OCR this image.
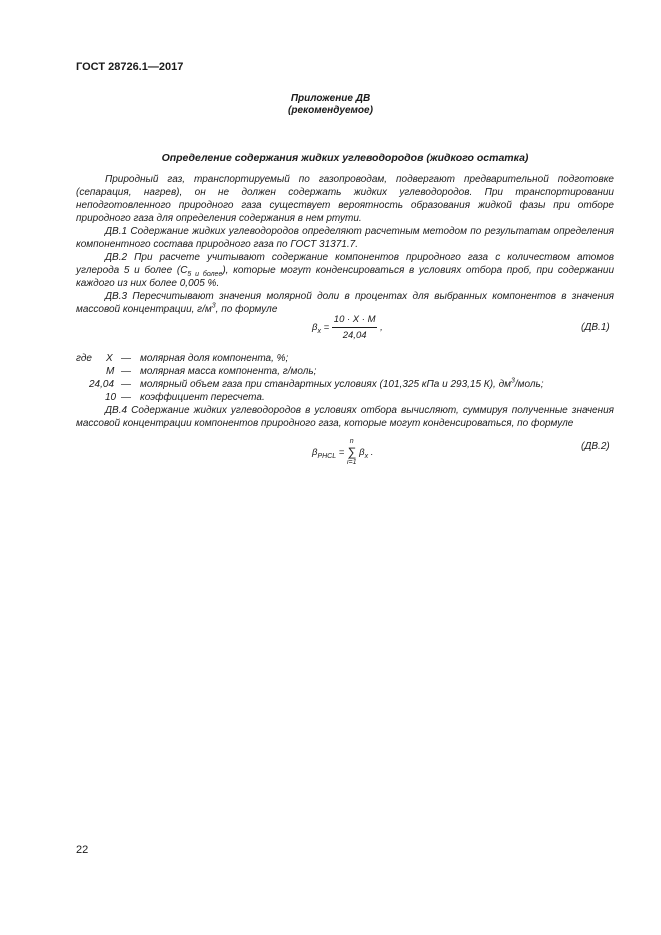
ГОСТ 28726.1—2017
Приложение ДВ
(рекомендуемое)
Определение содержания жидких углеводородов (жидкого остатка)

Природный газ, транспортируемый по газопроводам, подвергают предварительной подготовке (сепарация, нагрев), он не должен содержать жидких углеводородов. При транспортировании неподготовленного природного газа существует вероятность образования жидкой фазы при отборе природного газа для определения содержания в нем ртути.

ДВ.1 Содержание жидких углеводородов определяют расчетным методом по результатам определения компонентного состава природного газа по ГОСТ 31371.7.

ДВ.2 При расчете учитывают содержание компонентов природного газа с количеством атомов углерода 5 и более $(C_{5 и более})$, которые могут конденсироваться в условиях отбора проб, при содержании каждого из них более 0,005 %.

ДВ.3 Пересчитывают значения молярной доли в процентах для выбранных компонентов в значения массовой концентрации, $г/м^3$, по формуле

$\beta_x = \frac{10 \cdot X \cdot M}{24,04}$ ,	(ДВ.1)
где X — молярная доля компонента, %;
M — молярная масса компонента, г/моль;
24,04 — молярный объем газа при стандартных условиях (101,325 кПа и 293,15 К), $дм^3$/моль;
10 — коэффициент пересчета.

ДВ.4 Содержание жидких углеводородов в условиях отбора вычисляют, суммируя полученные значения массовой концентрации компонентов природного газа, которые могут конденсироваться, по формуле

$\beta_{РНСL}$ =
n
∑
i=1
$\beta_x$ .	(ДВ.2)
22
